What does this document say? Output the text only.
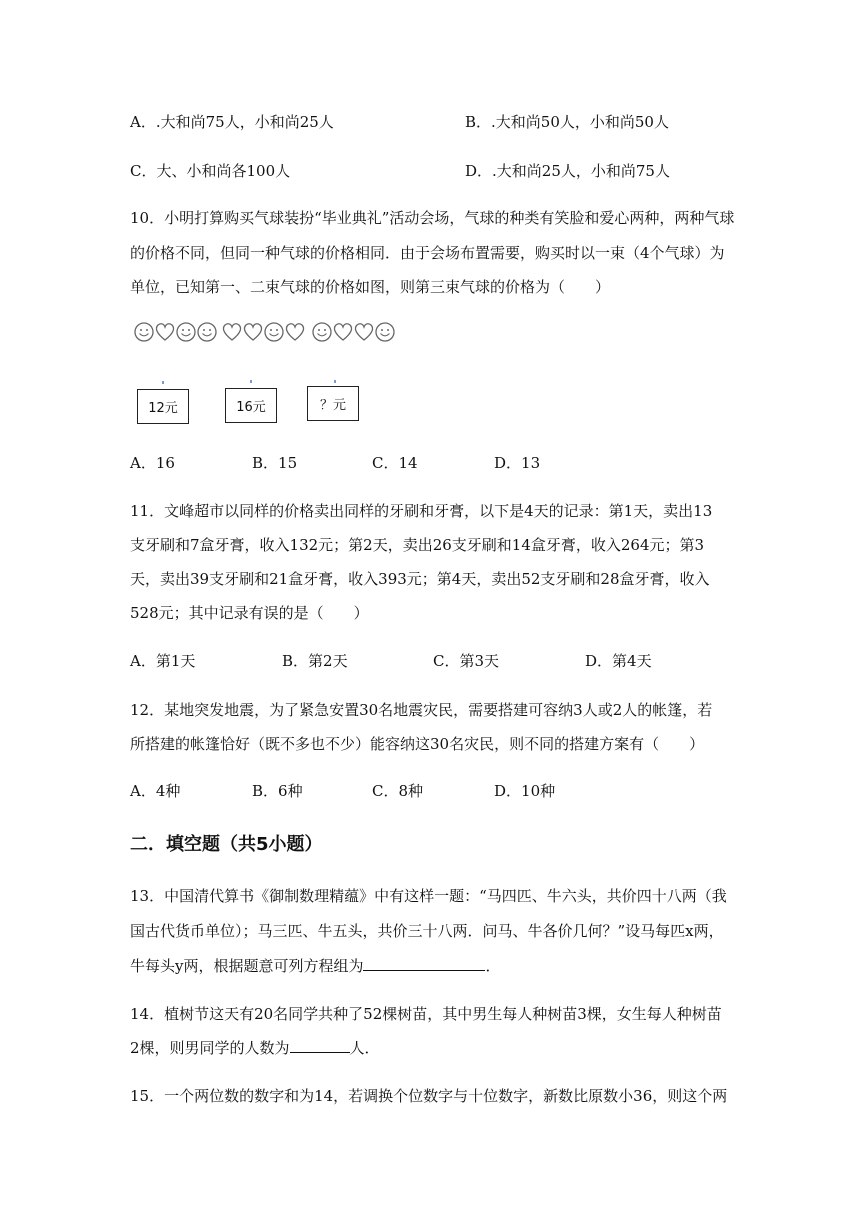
A．.大和尚75人，小和尚25人	B．.大和尚50人，小和尚50人
C．大、小和尚各100人	D．.大和尚25人，小和尚75人
10．小明打算购买气球装扮“毕业典礼”活动会场，气球的种类有笑脸和爱心两种，两种气球
的价格不同，但同一种气球的价格相同．由于会场布置需要，购买时以一束（4个气球）为
单位，已知第一、二束气球的价格如图，则第三束气球的价格为（　　）
12元	16元	？元
A．16	B．15	C．14	D．13
11．文峰超市以同样的价格卖出同样的牙刷和牙膏，以下是4天的记录：第1天，卖出13
支牙刷和7盒牙膏，收入132元；第2天，卖出26支牙刷和14盒牙膏，收入264元；第3
天，卖出39支牙刷和21盒牙膏，收入393元；第4天，卖出52支牙刷和28盒牙膏，收入
528元；其中记录有误的是（　　）
A．第1天	B．第2天	C．第3天	D．第4天
12．某地突发地震，为了紧急安置30名地震灾民，需要搭建可容纳3人或2人的帐篷，若
所搭建的帐篷恰好（既不多也不少）能容纳这30名灾民，则不同的搭建方案有（　　）
A．4种	B．6种	C．8种	D．10种
二．填空题（共5小题）
13．中国清代算书《御制数理精蕴》中有这样一题：“马四匹、牛六头，共价四十八两（我
国古代货币单位）；马三匹、牛五头，共价三十八两．问马、牛各价几何？”设马每匹x两，
牛每头y两，根据题意可列方程组为	．
14．植树节这天有20名同学共种了52棵树苗，其中男生每人种树苗3棵，女生每人种树苗
2棵，则男同学的人数为	人．
15．一个两位数的数字和为14，若调换个位数字与十位数字，新数比原数小36，则这个两
